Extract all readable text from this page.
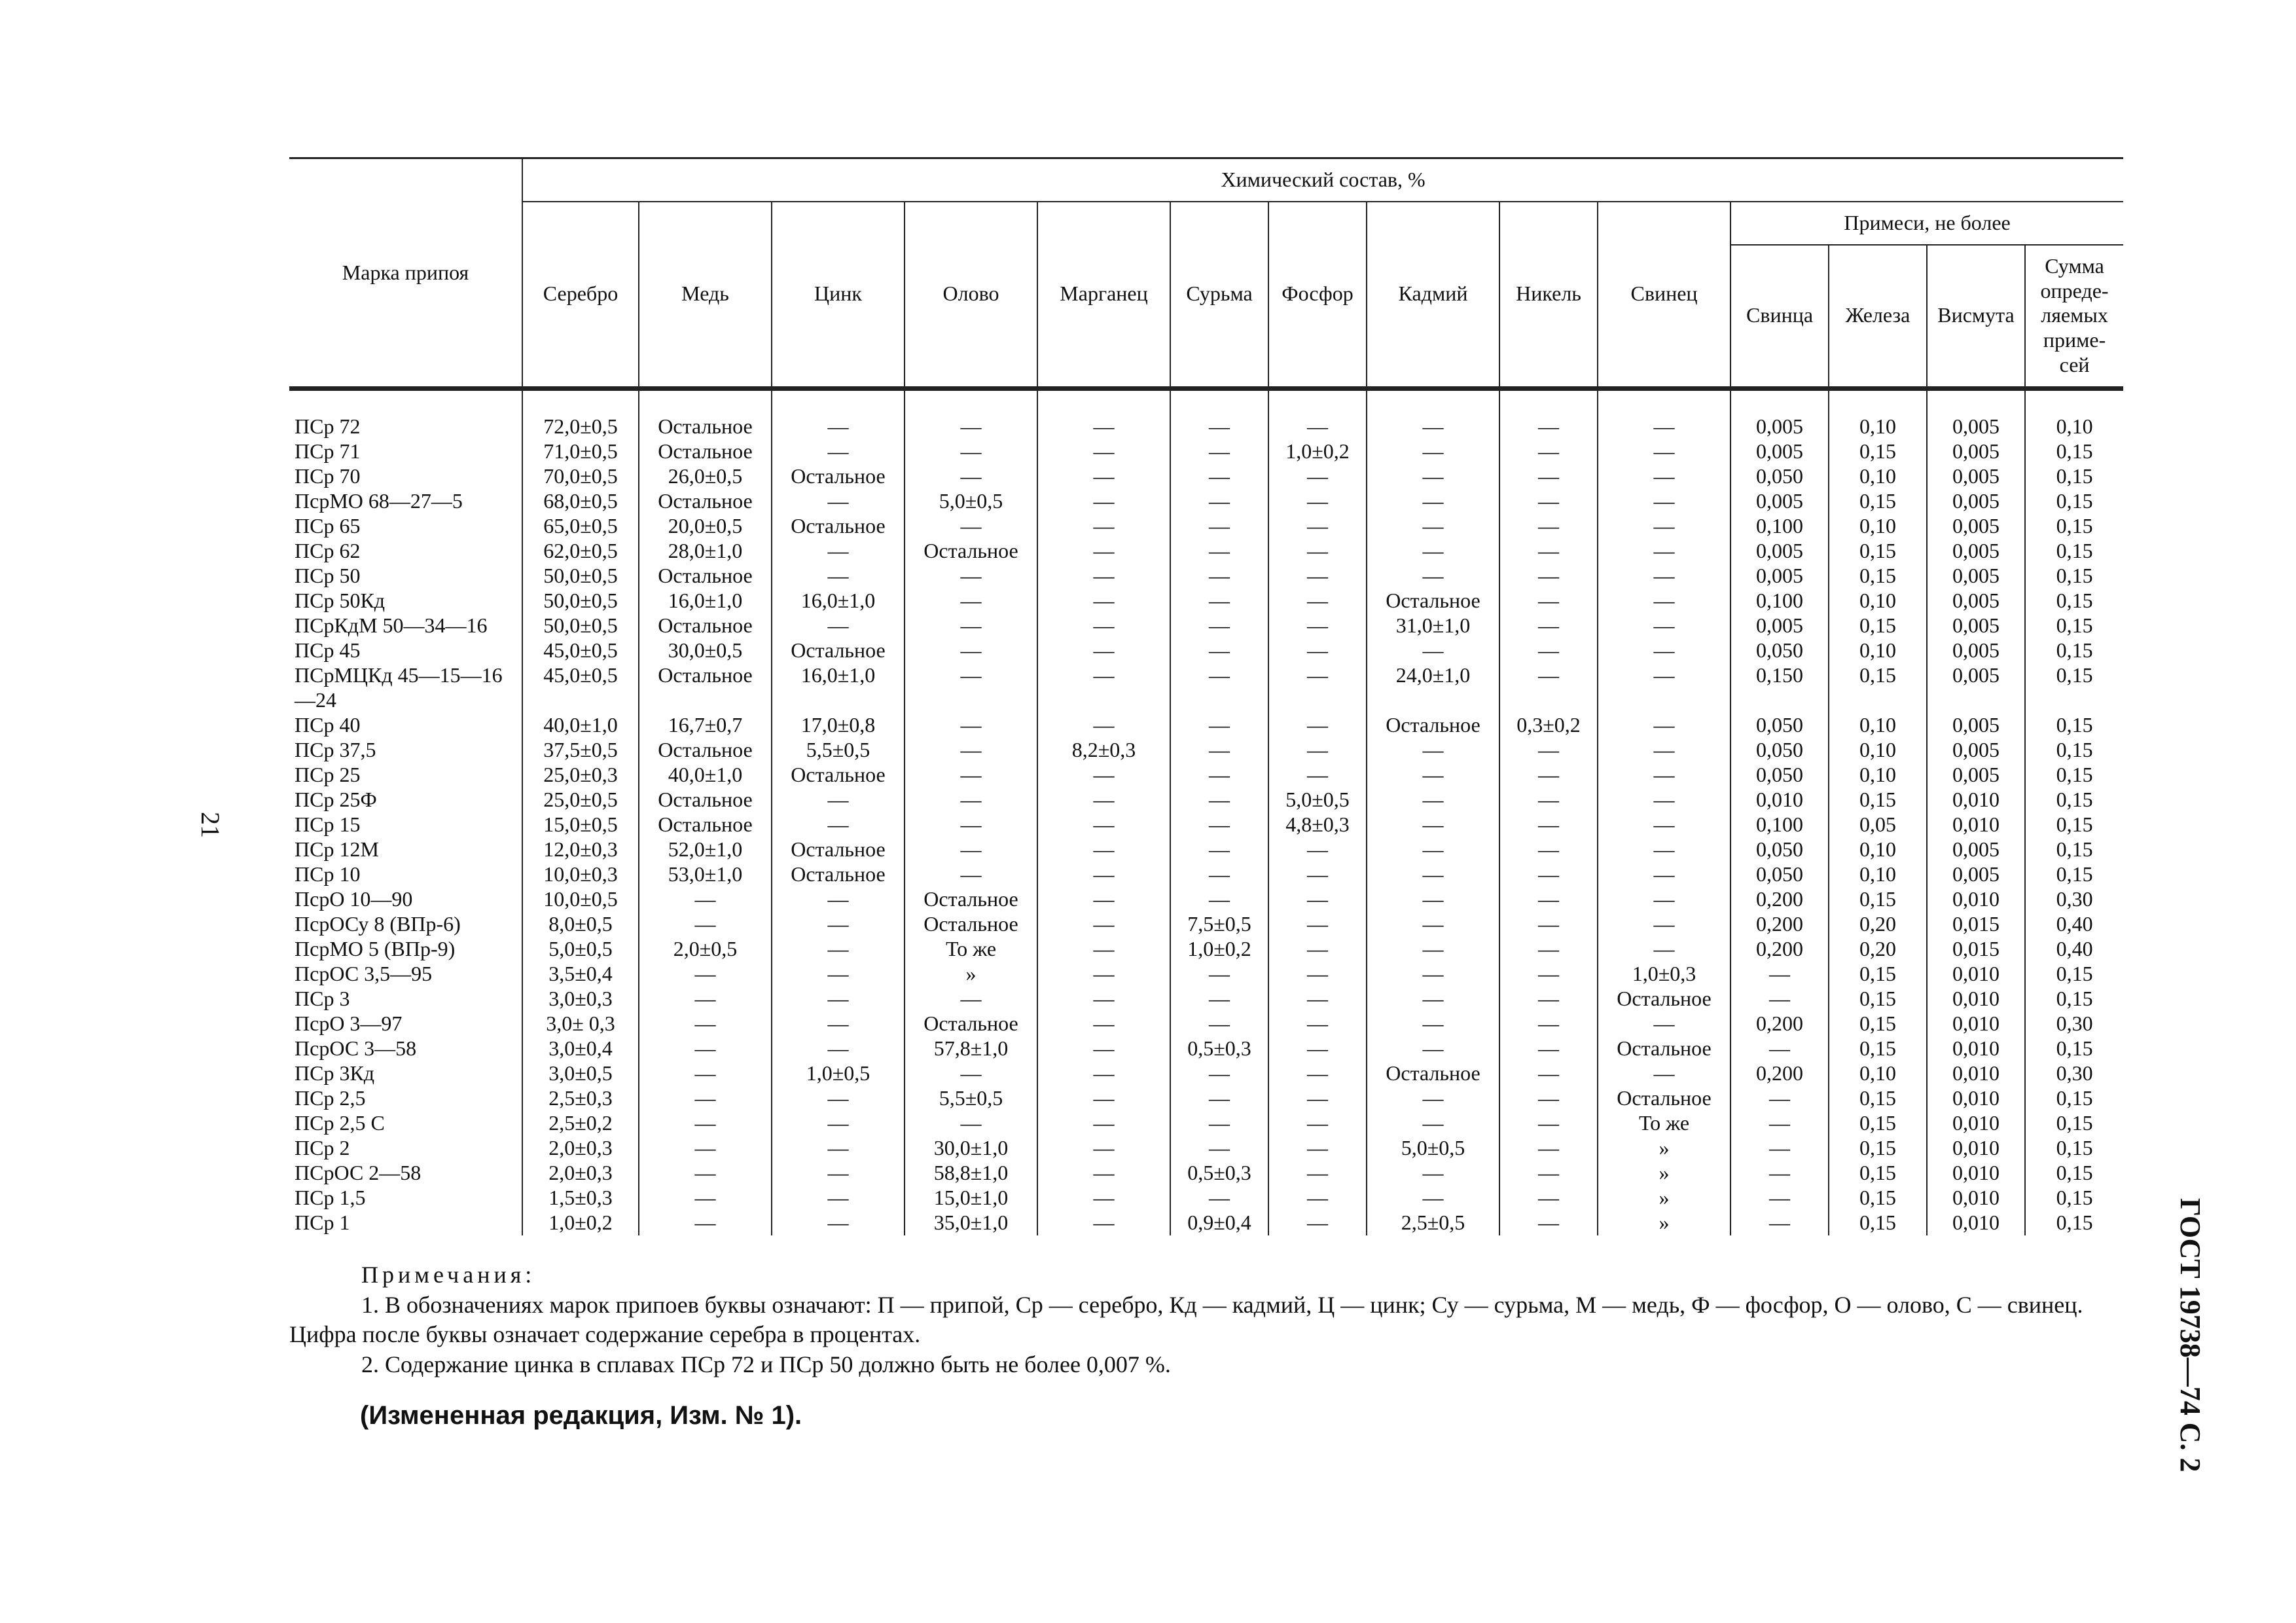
Марка припоя	Химический состав, %													
	Серебро	Медь	Цинк	Олово	Марганец	Сурьма	Фосфор	Кадмий	Никель	Свинец	Примеси, не более			
											Свинца	Железа	Висмута	Сумма опреде-ляемых приме-сей
ПСр 72	72,0±0,5	Остальное	—	—	—	—	—	—	—	—	0,005	0,10	0,005	0,10
ПСр 71	71,0±0,5	Остальное	—	—	—	—	1,0±0,2	—	—	—	0,005	0,15	0,005	0,15
ПСр 70	70,0±0,5	26,0±0,5	Остальное	—	—	—	—	—	—	—	0,050	0,10	0,005	0,15
ПсрМО 68—27—5	68,0±0,5	Остальное	—	5,0±0,5	—	—	—	—	—	—	0,005	0,15	0,005	0,15
ПСр 65	65,0±0,5	20,0±0,5	Остальное	—	—	—	—	—	—	—	0,100	0,10	0,005	0,15
ПСр 62	62,0±0,5	28,0±1,0	—	Остальное	—	—	—	—	—	—	0,005	0,15	0,005	0,15
ПСр 50	50,0±0,5	Остальное	—	—	—	—	—	—	—	—	0,005	0,15	0,005	0,15
ПСр 50Кд	50,0±0,5	16,0±1,0	16,0±1,0	—	—	—	—	Остальное	—	—	0,100	0,10	0,005	0,15
ПСрКдМ 50—34—16	50,0±0,5	Остальное	—	—	—	—	—	31,0±1,0	—	—	0,005	0,15	0,005	0,15
ПСр 45	45,0±0,5	30,0±0,5	Остальное	—	—	—	—	—	—	—	0,050	0,10	0,005	0,15
ПСрМЦКд 45—15—16—24	45,0±0,5	Остальное	16,0±1,0	—	—	—	—	24,0±1,0	—	—	0,150	0,15	0,005	0,15
ПСр 40	40,0±1,0	16,7±0,7	17,0±0,8	—	—	—	—	Остальное	0,3±0,2	—	0,050	0,10	0,005	0,15
ПСр 37,5	37,5±0,5	Остальное	5,5±0,5	—	8,2±0,3	—	—	—	—	—	0,050	0,10	0,005	0,15
ПСр 25	25,0±0,3	40,0±1,0	Остальное	—	—	—	—	—	—	—	0,050	0,10	0,005	0,15
ПСр 25Ф	25,0±0,5	Остальное	—	—	—	—	5,0±0,5	—	—	—	0,010	0,15	0,010	0,15
ПСр 15	15,0±0,5	Остальное	—	—	—	—	4,8±0,3	—	—	—	0,100	0,05	0,010	0,15
ПСр 12М	12,0±0,3	52,0±1,0	Остальное	—	—	—	—	—	—	—	0,050	0,10	0,005	0,15
ПСр 10	10,0±0,3	53,0±1,0	Остальное	—	—	—	—	—	—	—	0,050	0,10	0,005	0,15
ПсрО 10—90	10,0±0,5	—	—	Остальное	—	—	—	—	—	—	0,200	0,15	0,010	0,30
ПсрОСу 8 (ВПр-6)	8,0±0,5	—	—	Остальное	—	7,5±0,5	—	—	—	—	0,200	0,20	0,015	0,40
ПсрМО 5 (ВПр-9)	5,0±0,5	2,0±0,5	—	То же	—	1,0±0,2	—	—	—	—	0,200	0,20	0,015	0,40
ПсрОС 3,5—95	3,5±0,4	—	—	»	—	—	—	—	—	1,0±0,3	—	0,15	0,010	0,15
ПСр 3	3,0±0,3	—	—	—	—	—	—	—	—	Остальное	—	0,15	0,010	0,15
ПсрО 3—97	3,0± 0,3	—	—	Остальное	—	—	—	—	—	—	0,200	0,15	0,010	0,30
ПсрОС 3—58	3,0±0,4	—	—	57,8±1,0	—	0,5±0,3	—	—	—	Остальное	—	0,15	0,010	0,15
ПСр 3Кд	3,0±0,5	—	1,0±0,5	—	—	—	—	Остальное	—	—	0,200	0,10	0,010	0,30
ПСр 2,5	2,5±0,3	—	—	5,5±0,5	—	—	—	—	—	Остальное	—	0,15	0,010	0,15
ПСр 2,5 С	2,5±0,2	—	—	—	—	—	—	—	—	То же	—	0,15	0,010	0,15
ПСр 2	2,0±0,3	—	—	30,0±1,0	—	—	—	5,0±0,5	—	»	—	0,15	0,010	0,15
ПСрОС 2—58	2,0±0,3	—	—	58,8±1,0	—	0,5±0,3	—	—	—	»	—	0,15	0,010	0,15
ПСр 1,5	1,5±0,3	—	—	15,0±1,0	—	—	—	—	—	»	—	0,15	0,010	0,15
ПСр 1	1,0±0,2	—	—	35,0±1,0	—	0,9±0,4	—	2,5±0,5	—	»	—	0,15	0,010	0,15
21
ГОСТ 19738—74 С. 2
Примечания:
1. В обозначениях марок припоев буквы означают: П — припой, Ср — серебро, Кд — кадмий, Ц — цинк; Су — сурьма, М — медь, Ф — фосфор, О — олово, С — свинец. Цифра после буквы означает содержание серебра в процентах.
2. Содержание цинка в сплавах ПСр 72 и ПСр 50 должно быть не более 0,007 %.
(Измененная редакция, Изм. № 1).
